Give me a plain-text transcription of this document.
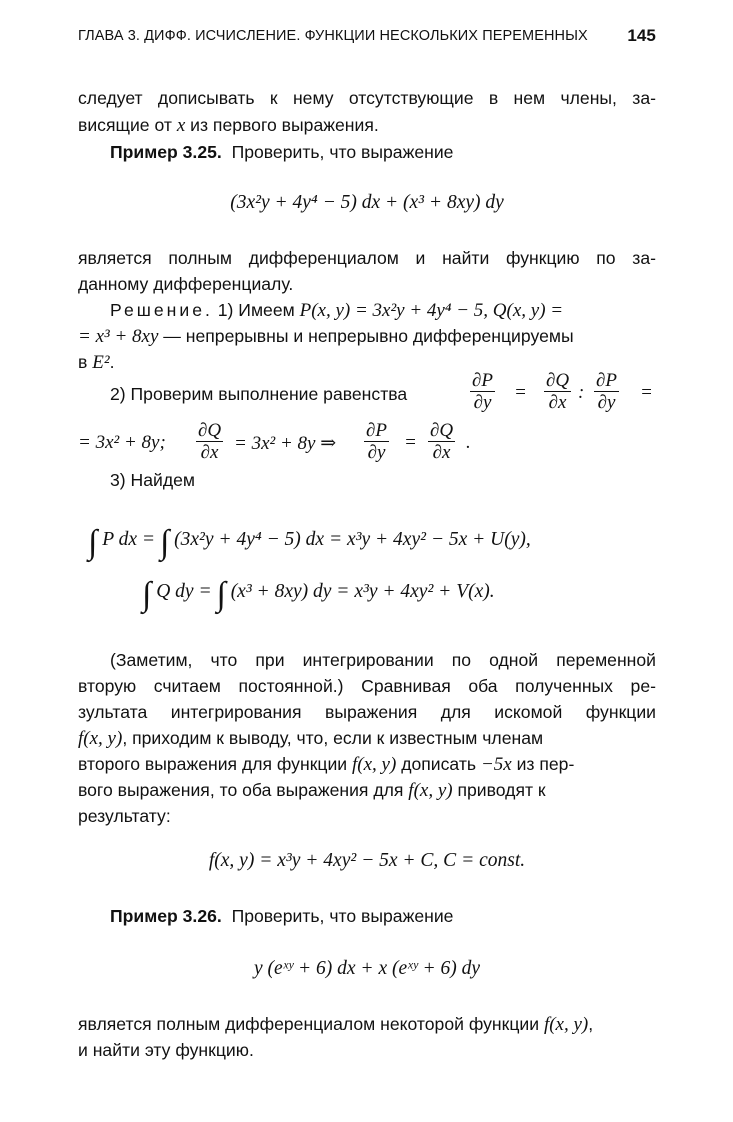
ГЛАВА 3. ДИФФ. ИСЧИСЛЕНИЕ. ФУНКЦИИ НЕСКОЛЬКИХ ПЕРЕМЕННЫХ 145
следует дописывать к нему отсутствующие в нем члены, за-
висящие от x из первого выражения.
Пример 3.25. Проверить, что выражение
(3x²y + 4y⁴ − 5) dx + (x³ + 8xy) dy
является полным дифференциалом и найти функцию по за-
данному дифференциалу.
Решение. 1) Имеем P(x, y) = 3x²y + 4y⁴ − 5, Q(x, y) =
= x³ + 8xy — непрерывны и непрерывно дифференцируемы
в E².
2) Проверим выполнение равенства	$\frac{\partial P}{\partial y} = \frac{\partial Q}{\partial x}$ : $\frac{\partial P}{\partial y}$ =
= 3x² + 8y; $\frac{\partial Q}{\partial x} = 3x^2 + 8y$ ⇒ $\frac{\partial P}{\partial y} = \frac{\partial Q}{\partial x}$ .
3) Найдем
∫ P dx = ∫ (3x²y + 4y⁴ − 5) dx = x³y + 4xy² − 5x + U(y),
∫ Q dy = ∫ (x³ + 8xy) dy = x³y + 4xy² + V(x).
(Заметим, что при интегрировании по одной переменной
вторую считаем постоянной.) Сравнивая оба полученных ре-
зультата интегрирования выражения для искомой функции
f(x, y), приходим к выводу, что, если к известным членам
второго выражения для функции f(x, y) дописать −5x из пер-
вого выражения, то оба выражения для f(x, y) приводят к
результату:
f(x, y) = x³y + 4xy² − 5x + C, C = const.
Пример 3.26. Проверить, что выражение
y (eˣʸ + 6) dx + x (eˣʸ + 6) dy
является полным дифференциалом некоторой функции f(x, y),
и найти эту функцию.
